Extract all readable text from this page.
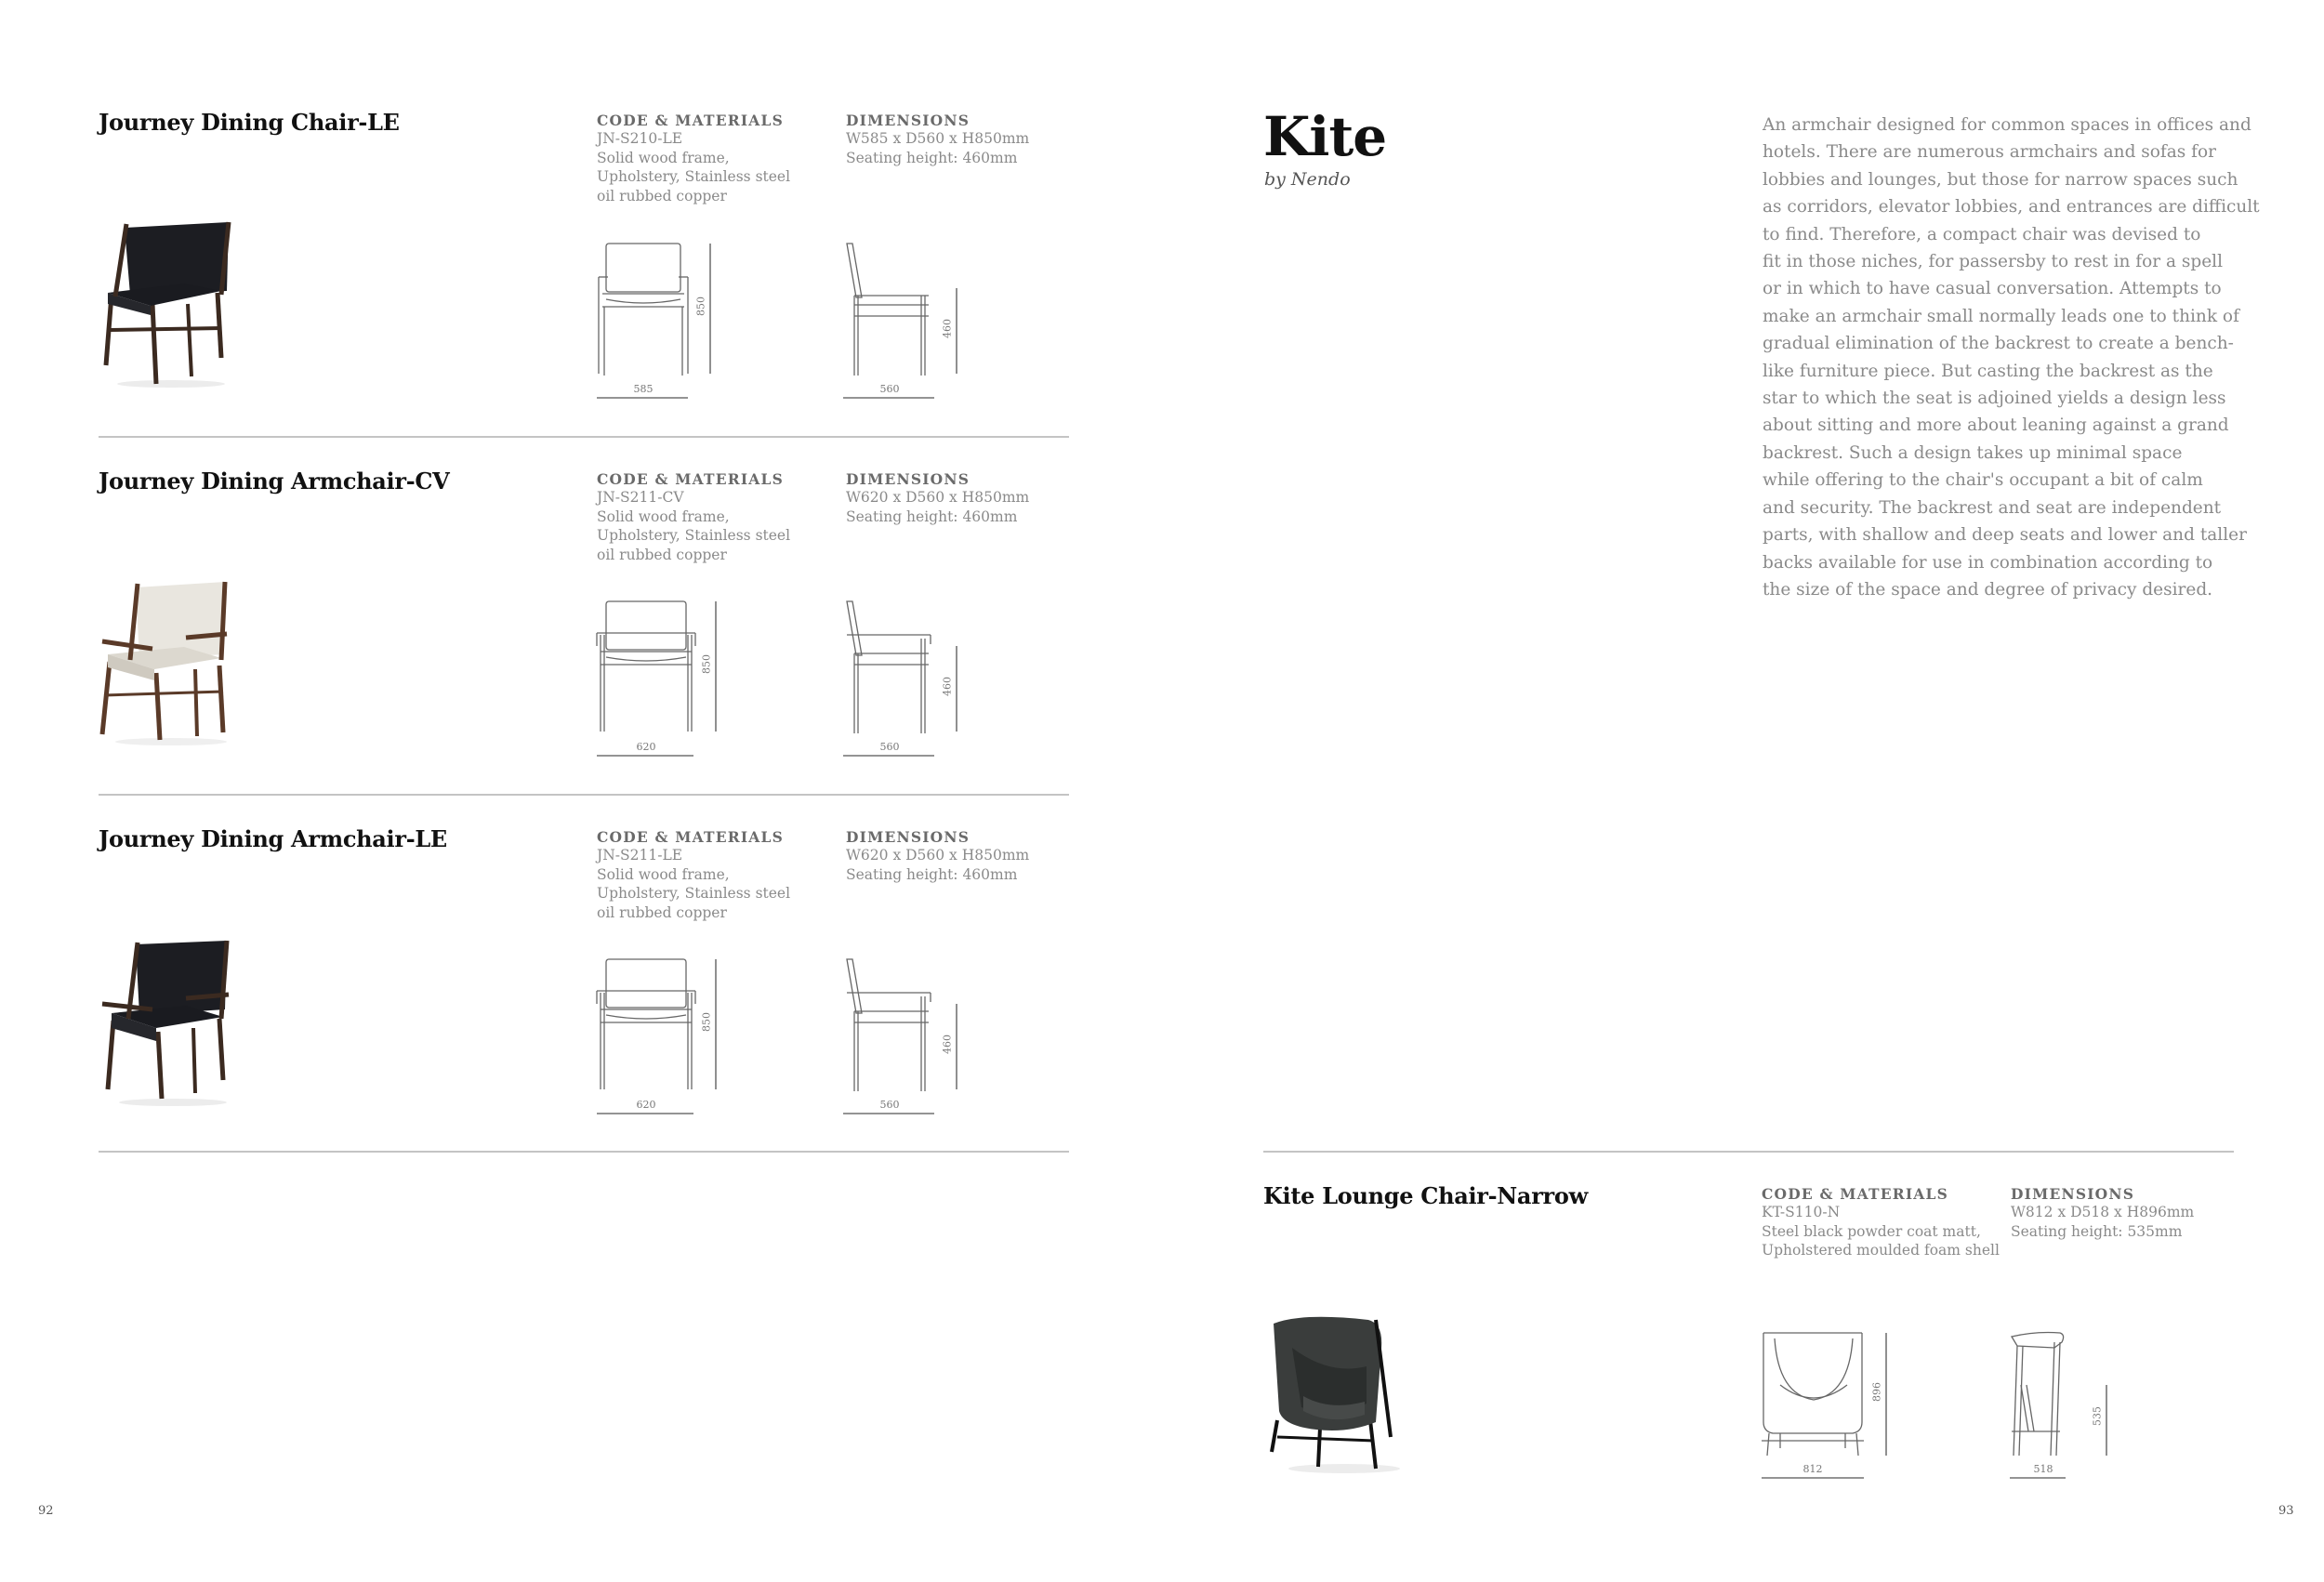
Journey Dining Chair-LE	CODE & MATERIALS
JN-S210-LE
Solid wood frame,
Upholstery, Stainless steel
oil rubbed copper
DIMENSIONS
W585 x D560 x H850mm
Seating height: 460mm
585
850
560
460
Journey Dining Armchair-CV	CODE & MATERIALS
JN-S211-CV
Solid wood frame,
Upholstery, Stainless steel
oil rubbed copper
DIMENSIONS
W620 x D560 x H850mm
Seating height: 460mm
620
850
560
460
Journey Dining Armchair-LE	CODE & MATERIALS
JN-S211-LE
Solid wood frame,
Upholstery, Stainless steel
oil rubbed copper
DIMENSIONS
W620 x D560 x H850mm
Seating height: 460mm
620
850
560
460
92
Kite
by Nendo
An armchair designed for common spaces in offices and
hotels. There are numerous armchairs and sofas for
lobbies and lounges, but those for narrow spaces such
as corridors, elevator lobbies, and entrances are difficult
to find. Therefore, a compact chair was devised to
fit in those niches, for passersby to rest in for a spell
or in which to have casual conversation. Attempts to
make an armchair small normally leads one to think of
gradual elimination of the backrest to create a bench-
like furniture piece. But casting the backrest as the
star to which the seat is adjoined yields a design less
about sitting and more about leaning against a grand
backrest. Such a design takes up minimal space
while offering to the chair's occupant a bit of calm
and security. The backrest and seat are independent
parts, with shallow and deep seats and lower and taller
backs available for use in combination according to
the size of the space and degree of privacy desired.
Kite Lounge Chair-Narrow	CODE & MATERIALS
KT-S110-N
Steel black powder coat matt,
Upholstered moulded foam shell
DIMENSIONS
W812 x D518 x H896mm
Seating height: 535mm
812
896
518
535
93
